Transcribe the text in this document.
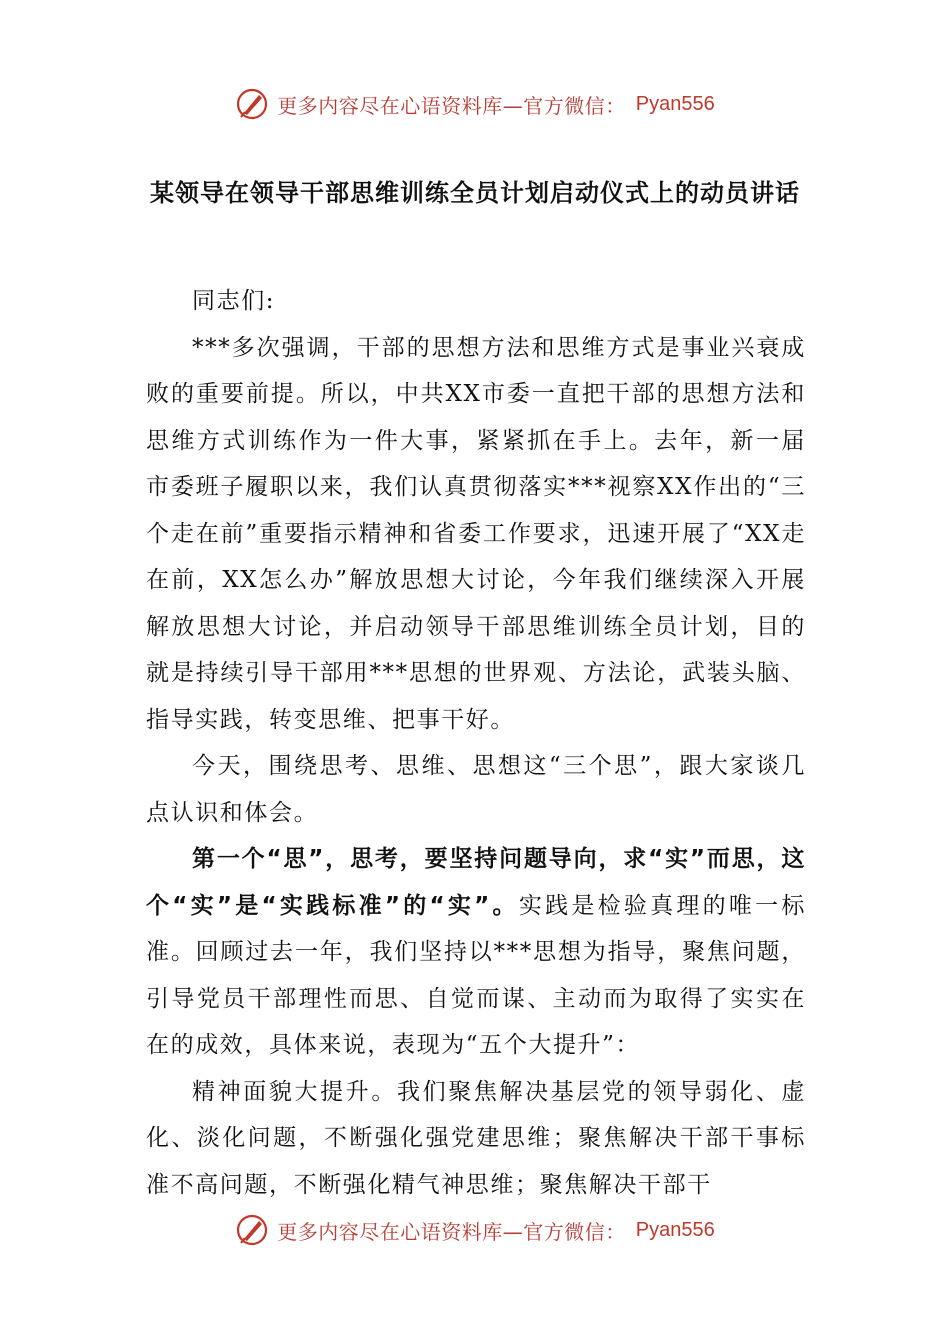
更多内容尽在心语资料库—官方微信： Pyan556
某领导在领导干部思维训练全员计划启动仪式上的动员讲话

同志们:

***多次强调，干部的思想方法和思维方式是事业兴衰成败的重要前提。所以，中共XX市委一直把干部的思想方法和思维方式训练作为一件大事，紧紧抓在手上。去年，新一届市委班子履职以来，我们认真贯彻落实***视察XX作出的“三个走在前”重要指示精神和省委工作要求，迅速开展了“XX走在前，XX怎么办”解放思想大讨论，今年我们继续深入开展解放思想大讨论，并启动领导干部思维训练全员计划，目的就是持续引导干部用***思想的世界观、方法论，武装头脑、指导实践，转变思维、把事干好。

今天，围绕思考、思维、思想这“三个思”，跟大家谈几点认识和体会。

第一个“思”，思考，要坚持问题导向，求“实”而思，这个“实”是“实践标准”的“实”。实践是检验真理的唯一标准。回顾过去一年，我们坚持以***思想为指导，聚焦问题，引导党员干部理性而思、自觉而谋、主动而为取得了实实在在的成效，具体来说，表现为“五个大提升”：

精神面貌大提升。我们聚焦解决基层党的领导弱化、虚化、淡化问题，不断强化强党建思维；聚焦解决干部干事标准不高问题，不断强化精气神思维；聚焦解决干部干

更多内容尽在心语资料库—官方微信： Pyan556
